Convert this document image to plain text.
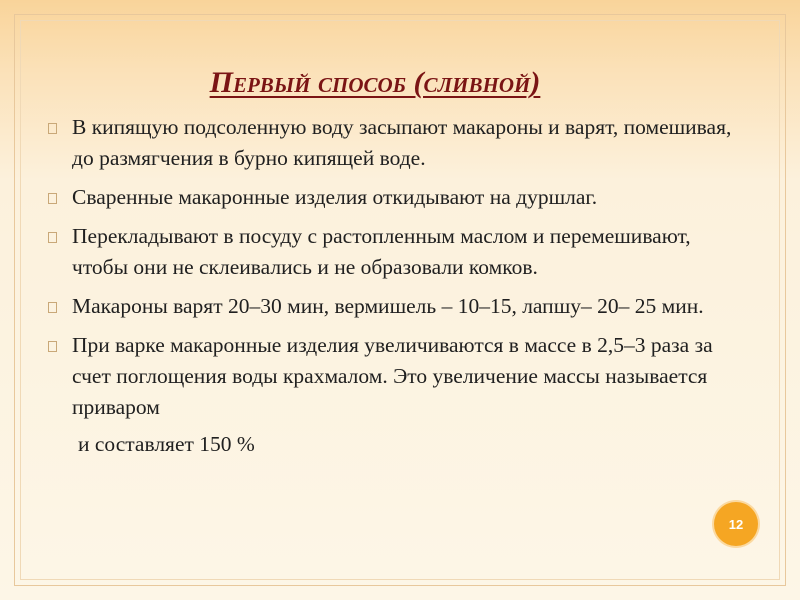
Первый способ (сливной)
В кипящую подсоленную воду засыпают макароны и варят, помешивая, до размягчения в бурно кипящей воде.
Сваренные макаронные изделия откидывают на дуршлаг.
Перекладывают в посуду с растопленным маслом и перемешивают, чтобы они не склеивались и не образовали комков.
Макароны варят 20–30 мин, вермишель – 10–15, лапшу– 20– 25 мин.
При варке макаронные изделия увеличиваются в массе в 2,5–3 раза за счет поглощения воды крахмалом. Это увеличение массы называется приваром
и составляет 150 %
12
